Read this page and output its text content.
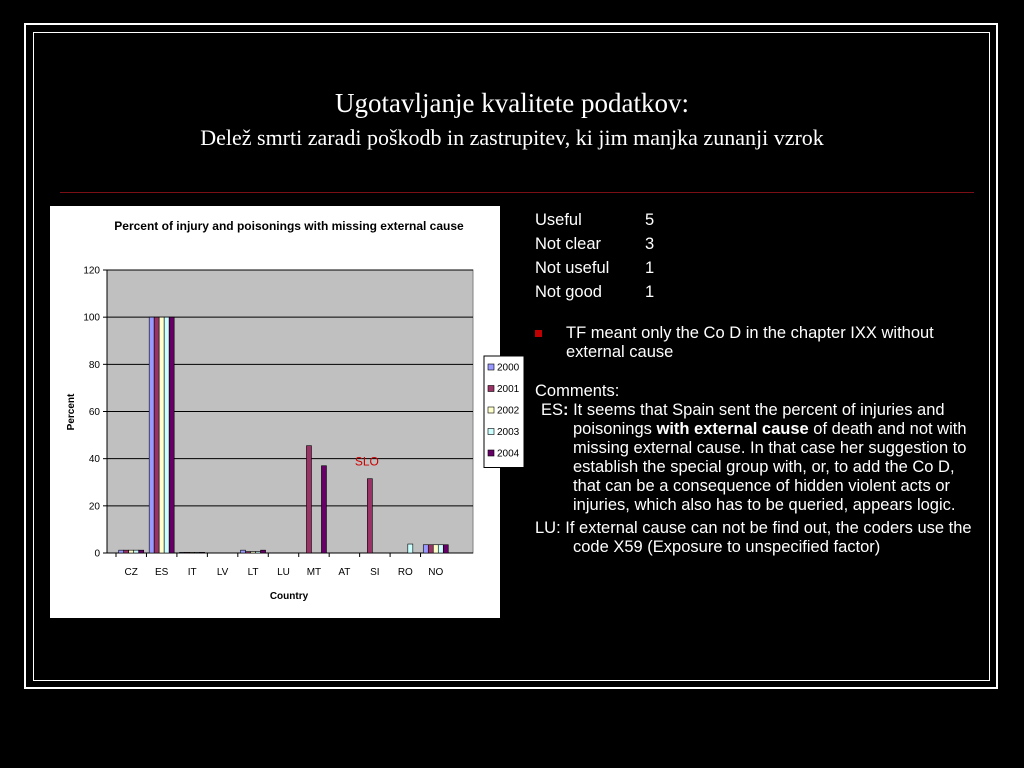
Ugotavljanje kvalitete podatkov:
Delež smrti zaradi poškodb in zastrupitev, ki jim manjka zunanji vzrok
Percent of injury and poisonings with missing external cause
0
20
40
60
80
100
120
CZ ES IT LV LT LU MT AT SI RO NO
SLO
Country
Percent
2000
2001
2002
2003
2004
Useful	5
Not clear	3
Not useful	1
Not good	1
TF meant only the Co D in the chapter IXX without external cause
Comments:
ES: It seems that Spain sent the percent of injuries and poisonings with external cause of death and not with missing external cause. In that case her suggestion to establish the special group with, or, to add the Co D, that can be a consequence of hidden violent acts or injuries, which also has to be queried, appears logic.
LU: If external cause can not be find out, the coders use the code X59 (Exposure to unspecified factor)
